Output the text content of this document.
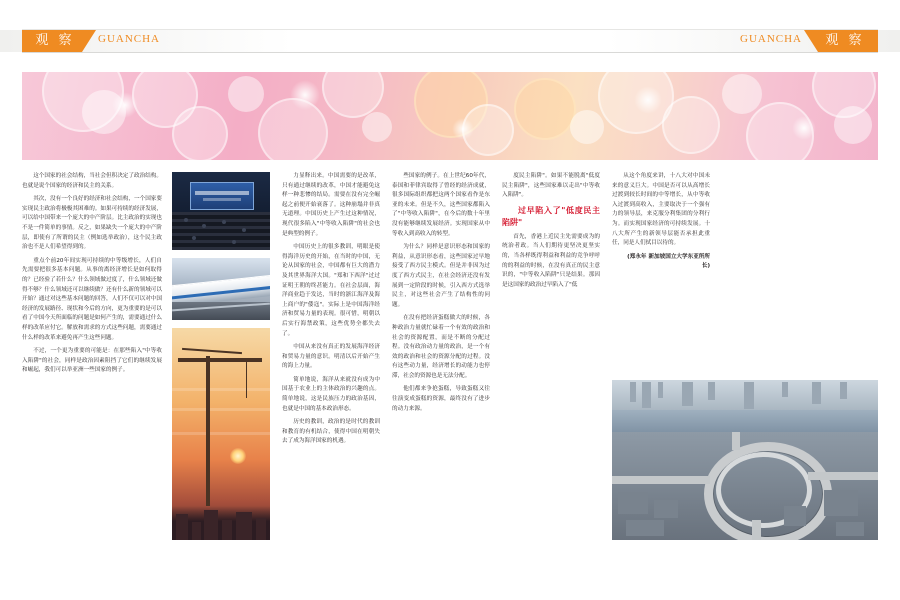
观 察	观 察
GUANCHA	GUANCHA

这个国家的社会结构，当社会但积决定了政治结构。也就是说个国家的经济和民主的关系。

其次，没有一个良好的经济和社会结构，一个国家要实现民主政治将极极其困难的。如果可持续的经济发展，可以给中国带来一个庞大的中产阶层。比主政治的实现也不是一件简单的事情。反之，如果缺失一个庞大的中产阶层，即使有了所谓的民主（例如选举政治），这个民主政治也不是人们希望得到的。

重点个前20年间实现可持续的中等级增长，人们自先需要把很多基本问题。从事的离经济增长是如何取得的？已经验了若什么？什么领域做过度了，什么领域还做得不够？什么领域还可以继续做？还有什么新的领域可以开始？通过对这些基本问题的回答，人们不仅可以对中国经济的发展路径、现状和今后的方向，更为重要的是可以看了中国今天所面临的问题是如何产生的，需要通过什么样的改革应付它。解放和需求的方式这些问题，需要通过什么样的改革来避免再产生这些问题。

不过，一个更为重要的可能是：在那些陷入"中等收入陷阱"的社会，同样是政治因素阻挡了它们的继续发展和崛起，我们可以举亚洲一些国家的例子。

力显释出来。中国需要的是改革，只有通过继续的改革，中国才能避免这样一种悲惨的结局。需要在没有完全崛起之前便开始衰落了。这种崩塌并非真无道理。中国历史上产生过这种情况，现代很多陷入"中等收入陷阱"的社会也是典型的例子。

中国历史上的很多教训，明眼是使得海洋历史的开始，在当时的中国，无论从国家的社会，中国都有巨大的潜力及其世界海洋大国。"郑和下西洋"过过证明王朝的终甚能力。在社会层面，海洋商业趋于发达，当时的浙江海洋及海上商户的"倭寇"。实际上是中国海洋经济和贸易力量的表现。很可惜，明朝以后实行海禁政策，这些优势全都失去了。

中国从来没有真正的发展海洋经济和贸易力量的意识。明清以后开始产生的海上力量。

简单地说，海洋从来就没有成为中国基于农业上的主体政治的兴趣的点。简单地说，这是民族压力的政治基因，也就是中国的基本政治形态。

历史的教训，政治的是时代的教训和教育的有机结合，使得中国在明朝失去了成为海洋国家的机遇。

些国家的例子。在上世纪60年代，泰国和菲律宾取得了曾经的经济成就，很多国际组织都把这两个国家看作是东亚的未来。但是不久，这些国家都陷入了"中等收入陷阱"，在今后的数十年里没有能够继续发展经济。实现国家从中等收入到高收入的转型。

为什么？同样是意识形态和国家的利益，从意识形态看，这些国家过早地接受了西方民主模式。但是并非因为过度了西方式民主，在社会经济还没有发展到一定阶段的时候，引入西方式选举民主，对这些社会产生了结构性的问题。

在没有把经济蛋糕做大的时候，各种政治力量就忙碌着一个有效的政治和社会的资源配置，而是不断的分配过程。没有政治动力量的政治，是一个有效的政治和社会的资源分配的过程。没有这些动力量，经济增长的动能力也停滞，社会的资源也是无法分配。

他们都来争抢蛋糕，导致蛋糕又往往演变成蛋糕的资源，最终没有了进步的动力来源。

度民主陷阱"。如果不能脱离"低度民主陷阱"，这些国家难以走出"中等收入陷阱"。

过早陷入了"低度民主陷阱"

首先，香港上近民主先需要成为的统治者政。当人们期待更坚决更坚实的，当各样既得利益和利益的竞争呼呼的的利益的时候，在没有真正的民主意识的，"中等收入陷阱"只是结果。那因是这国家的政治过早陷入了"低

从这个角度来讲，十八大对中国未来的意义巨大。中国是否可以从高增长过渡到较长时间的中等增长，从中等收入过渡到高收入，主要取决于一个强有力的领导层，来克服分利集团的分利行为。而实现国家经济的可持续发展。十八大所产生的新领导层能否承担此重任，同是人们拭目以待的。

(郑永年 新加坡国立大学东亚所所长)
